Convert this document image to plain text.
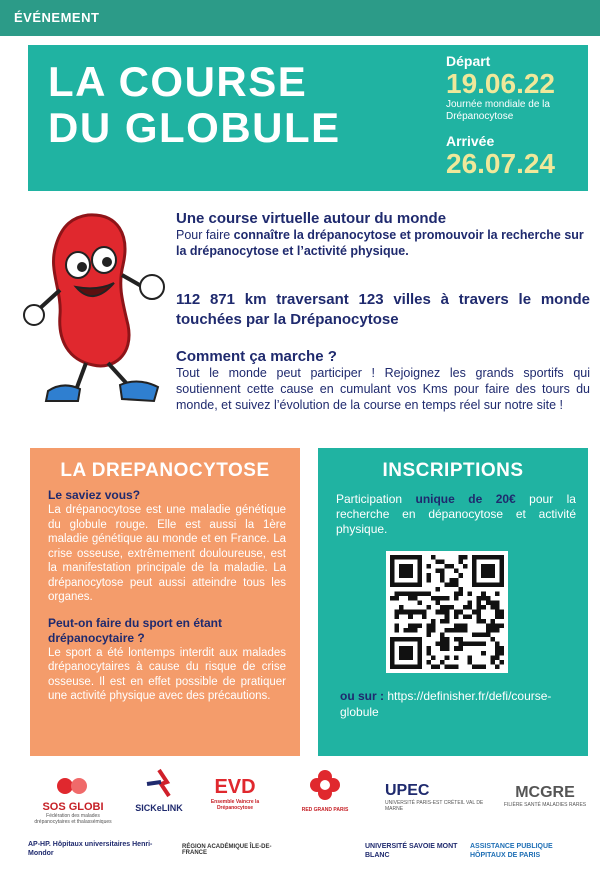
ÉVÉNEMENT
LA COURSE
DU GLOBULE
Départ
19.06.22
Journée mondiale de la Drépanocytose
Arrivée
26.07.24
Une course virtuelle autour du monde
Pour faire connaître la drépanocytose et promouvoir la recherche sur la drépanocytose et l’activité physique.
112 871 km traversant 123 villes à travers le monde touchées par la Drépanocytose
Comment ça marche ?
Tout le monde peut participer ! Rejoignez les grands sportifs qui soutiennent cette cause en cumulant vos Kms pour faire des tours du monde, et suivez l’évolution de la course en temps réel sur notre site !
LA DREPANOCYTOSE
Le saviez vous?

La drépanocytose est une maladie génétique du globule rouge. Elle est aussi la 1ère maladie génétique au monde et en France. La crise osseuse, extrêmement douloureuse, est la manifestation principale de la maladie. La drépanocytose peut aussi atteindre tous les organes.

Peut-on faire du sport en étant drépanocytaire ?

Le sport a été lontemps interdit aux malades drépanocytaires à cause du risque de crise osseuse. Il est en effet possible de pratiquer une activité physique avec des précautions.

INSCRIPTIONS
Participation unique de 20€ pour la recherche en dépanocytose et activité physique.
ou sur : https://definisher.fr/defi/course-globule
SOS GLOBI
Fédération des malades drépanocytaires et thalassémiques
SICKeLINK
EVD
Ensemble Vaincre la Drépanocytose	RED GRAND PARIS
UPEC
UNIVERSITÉ PARIS-EST CRÉTEIL VAL DE MARNE
MCGRE
FILIÈRE SANTÉ MALADIES RARES
AP-HP. Hôpitaux universitaires Henri-Mondor
RÉGION ACADÉMIQUE ÎLE-DE-FRANCE
UNIVERSITÉ SAVOIE MONT BLANC
ASSISTANCE PUBLIQUE HÔPITAUX DE PARIS
